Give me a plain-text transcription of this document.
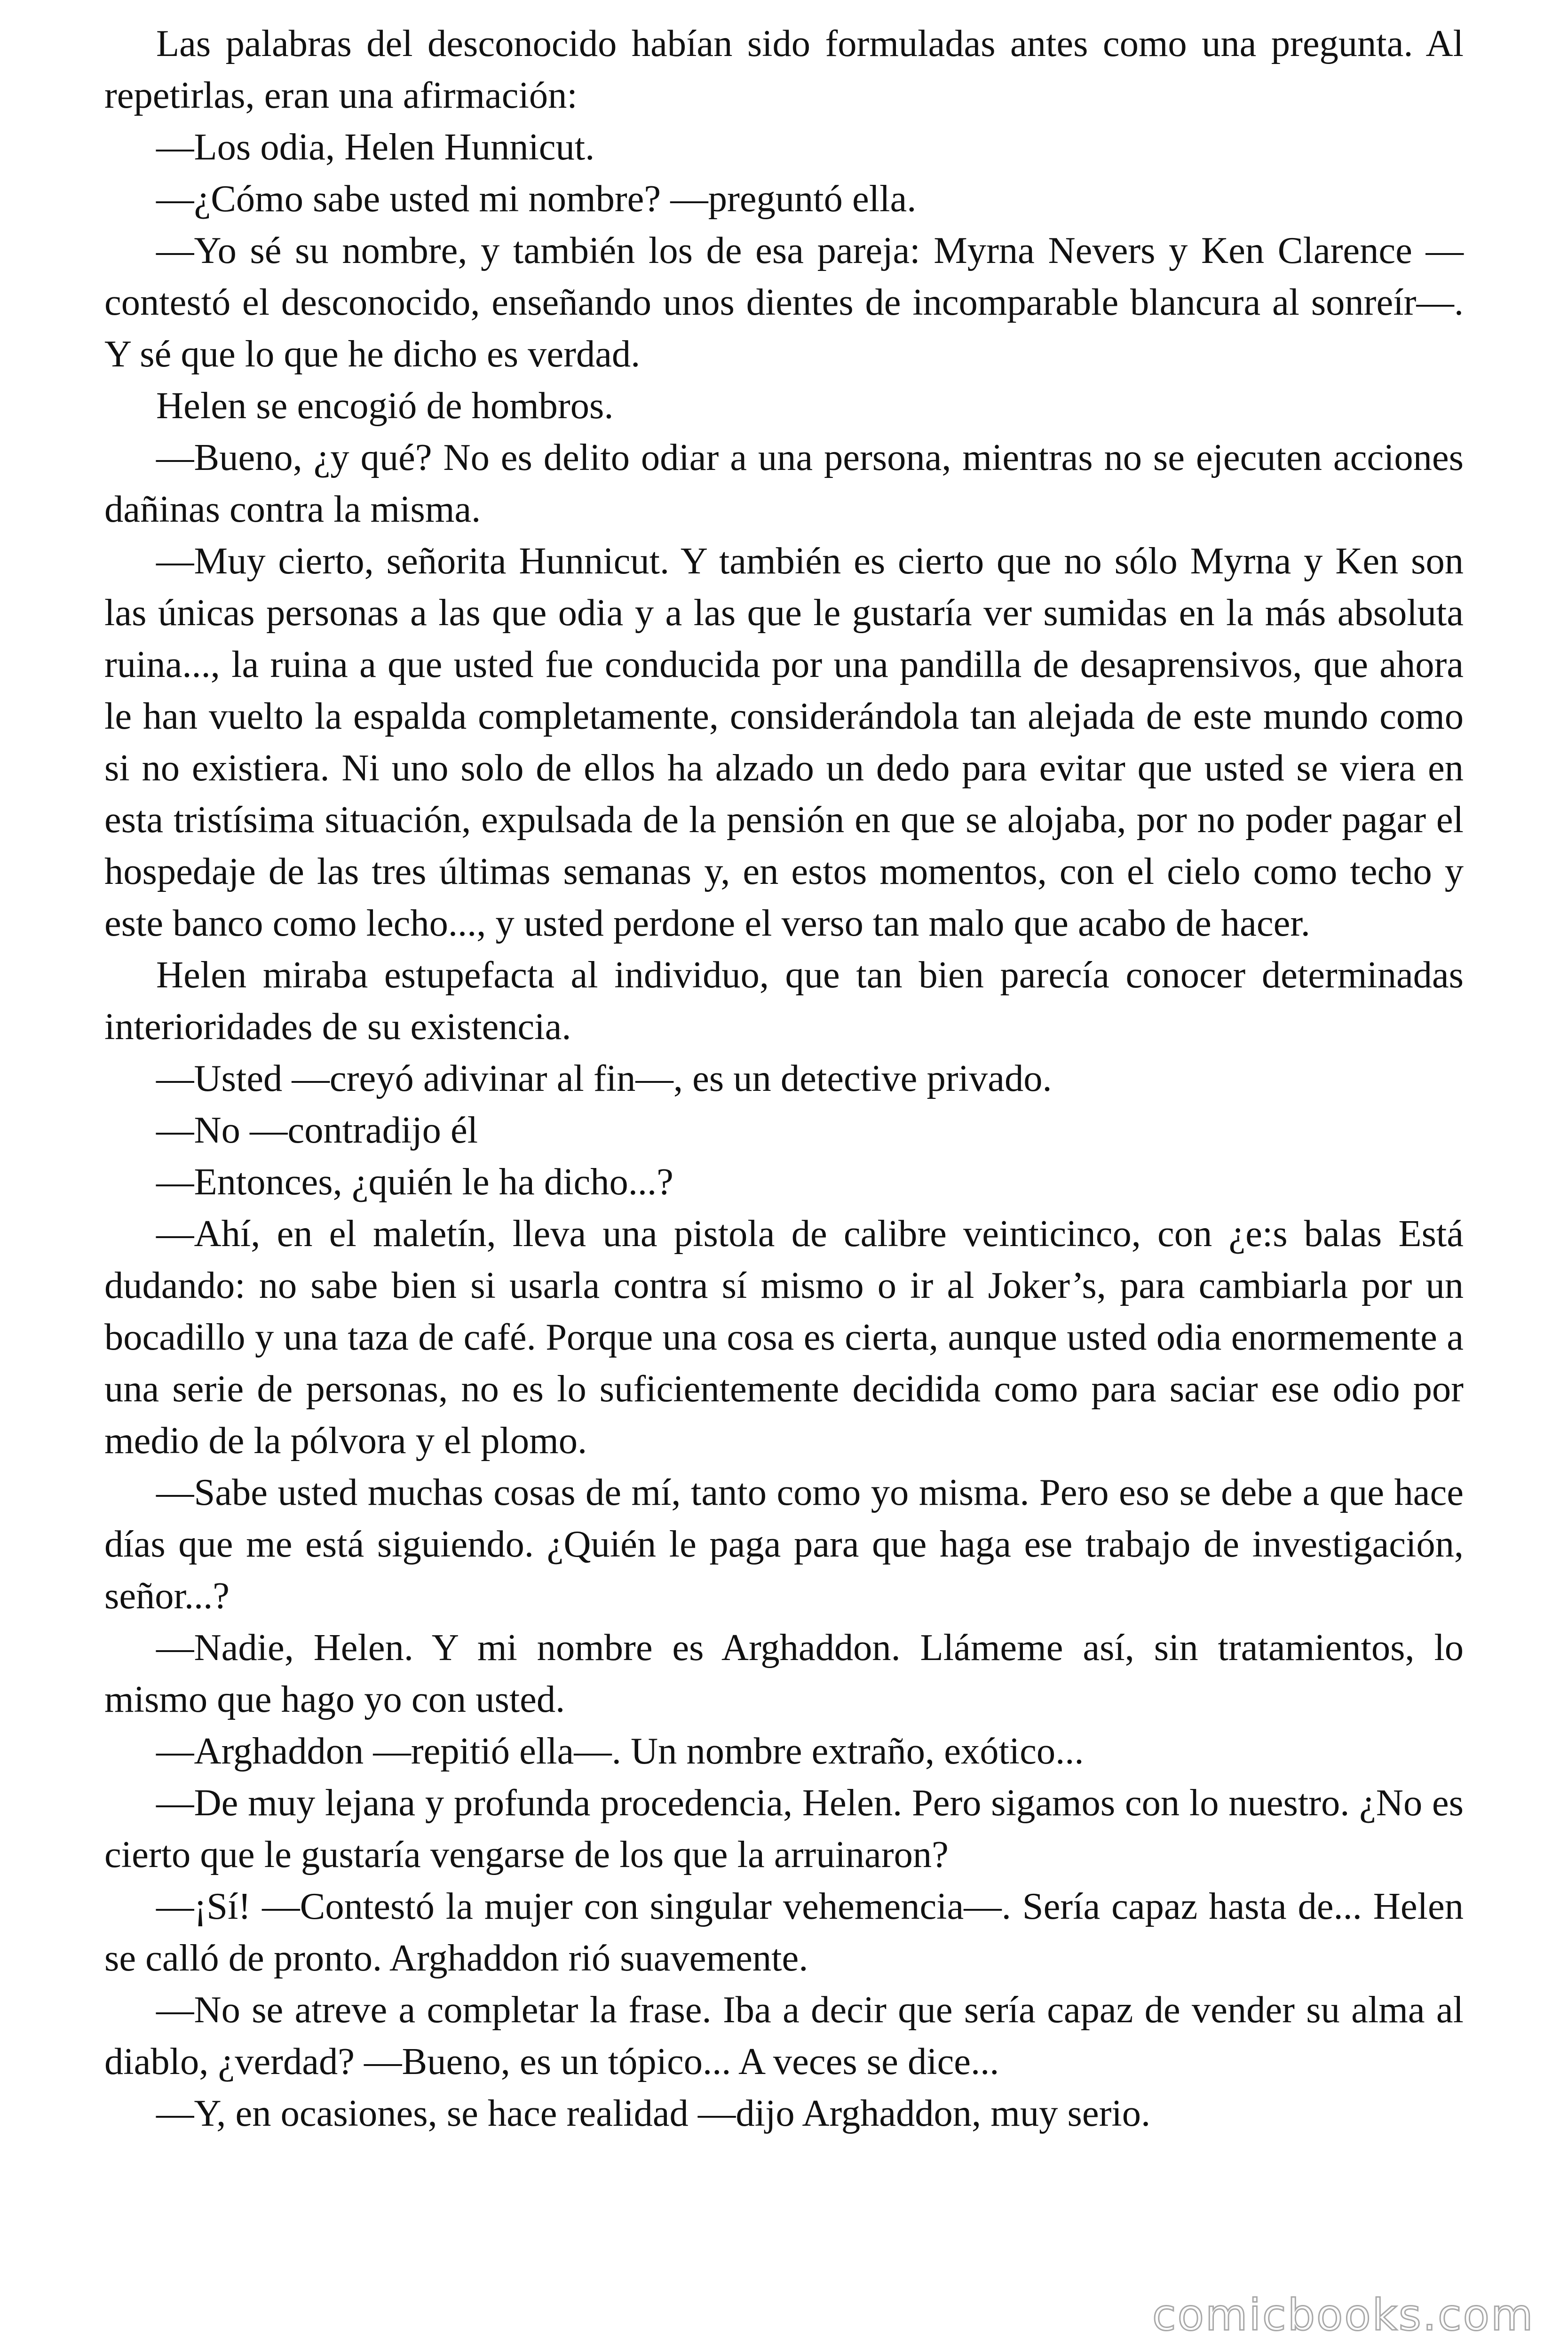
Las palabras del desconocido habían sido formuladas antes como una pregunta. Al repetirlas, eran una afirmación:

—Los odia, Helen Hunnicut.

—¿Cómo sabe usted mi nombre? —preguntó ella.

—Yo sé su nombre, y también los de esa pareja: Myrna Nevers y Ken Clarence — contestó el desconocido, enseñando unos dientes de incomparable blancura al sonreír—. Y sé que lo que he dicho es verdad.

Helen se encogió de hombros.

—Bueno, ¿y qué? No es delito odiar a una persona, mientras no se ejecuten acciones dañinas contra la misma.

—Muy cierto, señorita Hunnicut. Y también es cierto que no sólo Myrna y Ken son las únicas personas a las que odia y a las que le gustaría ver sumidas en la más absoluta ruina..., la ruina a que usted fue conducida por una pandilla de desaprensivos, que ahora le han vuelto la espalda completamente, considerándola tan alejada de este mundo como si no existiera. Ni uno solo de ellos ha alzado un dedo para evitar que usted se viera en esta tristísima situación, expulsada de la pensión en que se alojaba, por no poder pagar el hospedaje de las tres últimas semanas y, en estos momentos, con el cielo como techo y este banco como lecho..., y usted perdone el verso tan malo que acabo de hacer.

Helen miraba estupefacta al individuo, que tan bien parecía conocer determinadas interioridades de su existencia.

—Usted —creyó adivinar al fin—, es un detective privado.

—No —contradijo él

—Entonces, ¿quién le ha dicho...?

—Ahí, en el maletín, lleva una pistola de calibre veinticinco, con ¿e:s balas Está dudando: no sabe bien si usarla contra sí mismo o ir al Joker’s, para cambiarla por un bocadillo y una taza de café. Porque una cosa es cierta, aunque usted odia enormemente a una serie de personas, no es lo suficientemente decidida como para saciar ese odio por medio de la pólvora y el plomo.

—Sabe usted muchas cosas de mí, tanto como yo misma. Pero eso se debe a que hace días que me está siguiendo. ¿Quién le paga para que haga ese trabajo de investigación, señor...?

—Nadie, Helen. Y mi nombre es Arghaddon. Llámeme así, sin tratamientos, lo mismo que hago yo con usted.

—Arghaddon —repitió ella—. Un nombre extraño, exótico...

—De muy lejana y profunda procedencia, Helen. Pero sigamos con lo nuestro. ¿No es cierto que le gustaría vengarse de los que la arruinaron?

—¡Sí! —Contestó la mujer con singular vehemencia—. Sería capaz hasta de... Helen se calló de pronto. Arghaddon rió suavemente.

—No se atreve a completar la frase. Iba a decir que sería capaz de vender su alma al diablo, ¿verdad? —Bueno, es un tópico... A veces se dice...

—Y, en ocasiones, se hace realidad —dijo Arghaddon, muy serio.

comicbooks.com
